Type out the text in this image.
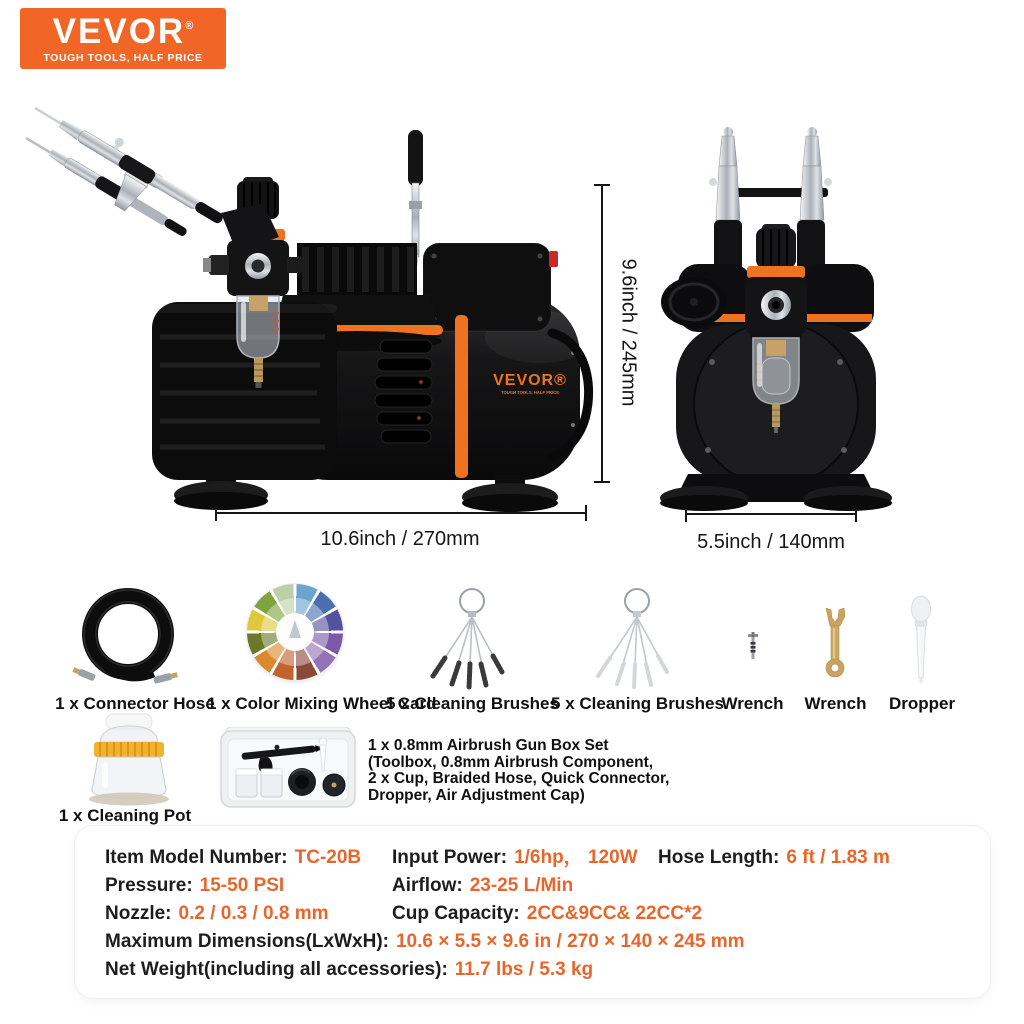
VEVOR®
TOUGH TOOLS, HALF PRICE
VEVOR®
TOUGH TOOLS, HALF PRICE	9.6inch / 245mm
10.6inch / 270mm	5.5inch / 140mm
1 x Connector Hose
1 x Color Mixing Wheel Card
5 x Cleaning Brushes
5 x Cleaning Brushes
Wrench	Wrench	Dropper
1 x Cleaning Pot
1 x 0.8mm Airbrush Gun Box Set
(Toolbox, 0.8mm Airbrush Component,
2 x Cup, Braided Hose, Quick Connector,
Dropper, Air Adjustment Cap)
Item Model Number: TC-20B Input Power: 1/6hp， 120W Hose Length: 6 ft / 1.83 m
Pressure: 15-50 PSI	Airflow: 23-25 L/Min
Nozzle: 0.2 / 0.3 / 0.8 mm	Cup Capacity: 2CC&9CC& 22CC*2
Maximum Dimensions(LxWxH): 10.6 × 5.5 × 9.6 in / 270 × 140 × 245 mm
Net Weight(including all accessories): 11.7 lbs / 5.3 kg
